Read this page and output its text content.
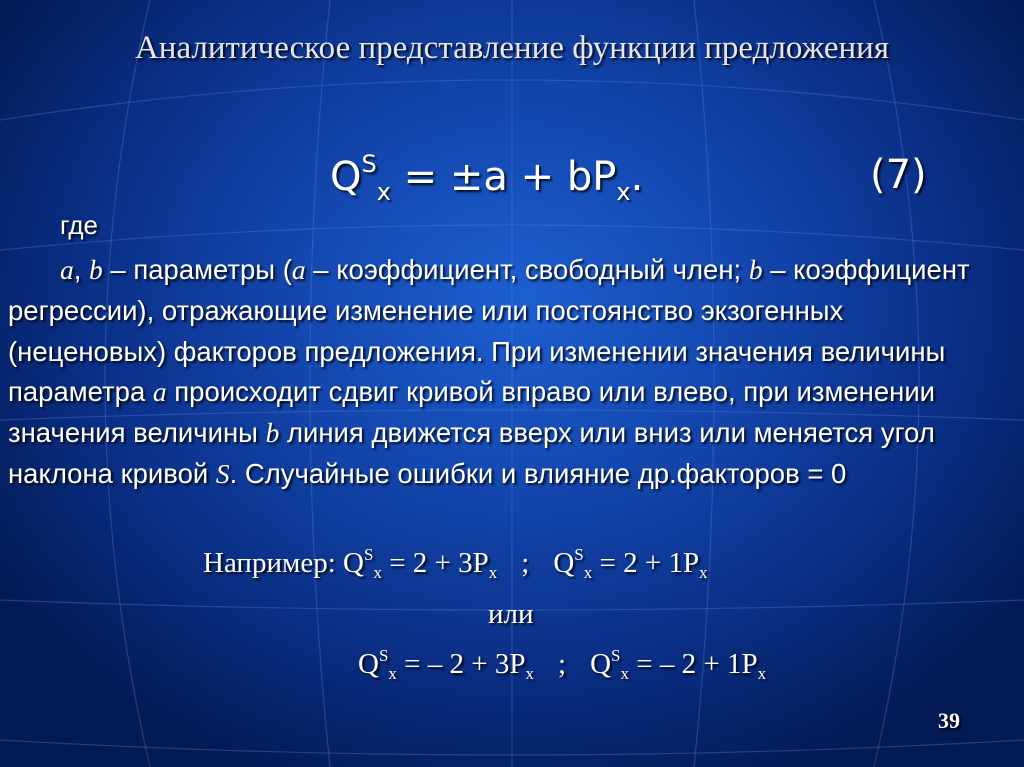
Аналитическое представление функции предложения
$Q^S_x = \pm a + bP_x$.	(7)
где
a, b – параметры (a – коэффициент, свободный член; b – коэффициент регрессии), отражающие изменение или постоянство экзогенных (неценовых) факторов предложения. При изменении значения величины параметра a происходит сдвиг кривой вправо или влево, при изменении значения величины b линия движется вверх или вниз или меняется угол наклона кривой S. Случайные ошибки и влияние др.факторов = 0
Например: $Q^S_x = 2 + 3P_x$ ; $Q^S_x = 2 + 1P_x$
или
$Q^S_x$ = – $2 + 3P_x$ ; $Q^S_x$ = – $2 + 1P_x$
39
